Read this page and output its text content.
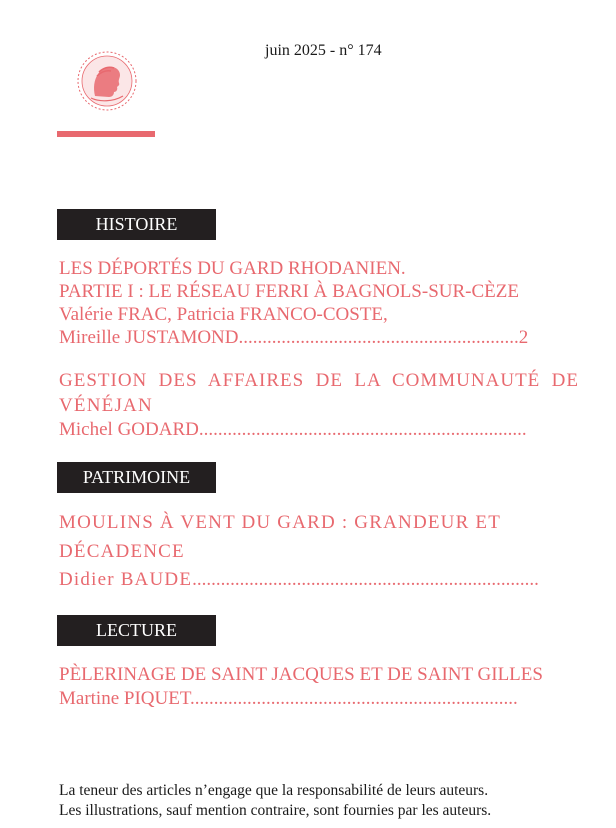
juin 2025 - n° 174
HISTOIRE
LES DÉPORTÉS DU GARD RHODANIEN.
PARTIE I : LE RÉSEAU FERRI À BAGNOLS-SUR-CÈZE
Valérie FRAC, Patricia FRANCO-COSTE,
Mireille JUSTAMOND...........................................................2
GESTION DES AFFAIRES DE LA COMMUNAUTÉ DE
VÉNÉJAN
Michel GODARD.....................................................................
PATRIMOINE
MOULINS À VENT DU GARD : GRANDEUR ET
DÉCADENCE
Didier BAUDE.........................................................................
LECTURE
PÈLERINAGE DE SAINT JACQUES ET DE SAINT GILLES
Martine PIQUET.....................................................................
La teneur des articles n’engage que la responsabilité de leurs auteurs.
Les illustrations, sauf mention contraire, sont fournies par les auteurs.
